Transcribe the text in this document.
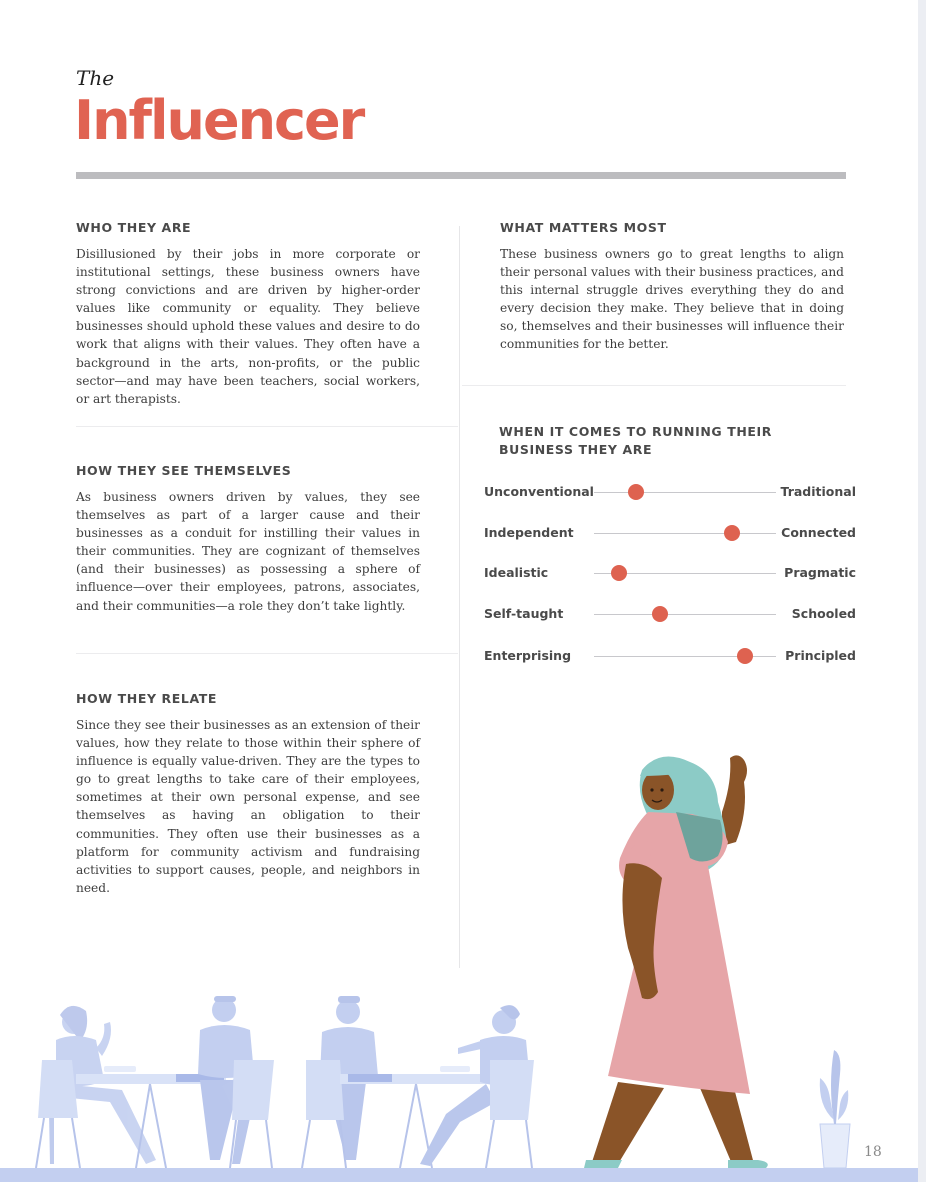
The
Influencer
WHO THEY ARE
Disillusioned by their jobs in more corporate or institutional settings, these business owners have strong convictions and are driven by higher-order values like community or equality. They believe businesses should uphold these values and desire to do work that aligns with their values. They often have a background in the arts, non-profits, or the public sector—and may have been teachers, social workers, or art therapists.
HOW THEY SEE THEMSELVES
As business owners driven by values, they see themselves as part of a larger cause and their businesses as a conduit for instilling their values in their communities. They are cognizant of themselves (and their businesses) as possessing a sphere of influence—over their employees, patrons, associates, and their communities—a role they don’t take lightly.
HOW THEY RELATE
Since they see their businesses as an extension of their values, how they relate to those within their sphere of influence is equally value-driven. They are the types to go to great lengths to take care of their employees, sometimes at their own personal expense, and see themselves as having an obligation to their communities. They often use their businesses as a platform for community activism and fundraising activities to support causes, people, and neighbors in need.
WHAT MATTERS MOST
These business owners go to great lengths to align their personal values with their business practices, and this internal struggle drives everything they do and every decision they make. They believe that in doing so, themselves and their businesses will influence their communities for the better.
WHEN IT COMES TO RUNNING THEIR
BUSINESS THEY ARE
Unconventional	Traditional
Independent	Connected
Idealistic	Pragmatic
Self-taught	Schooled
Enterprising	Principled
18
